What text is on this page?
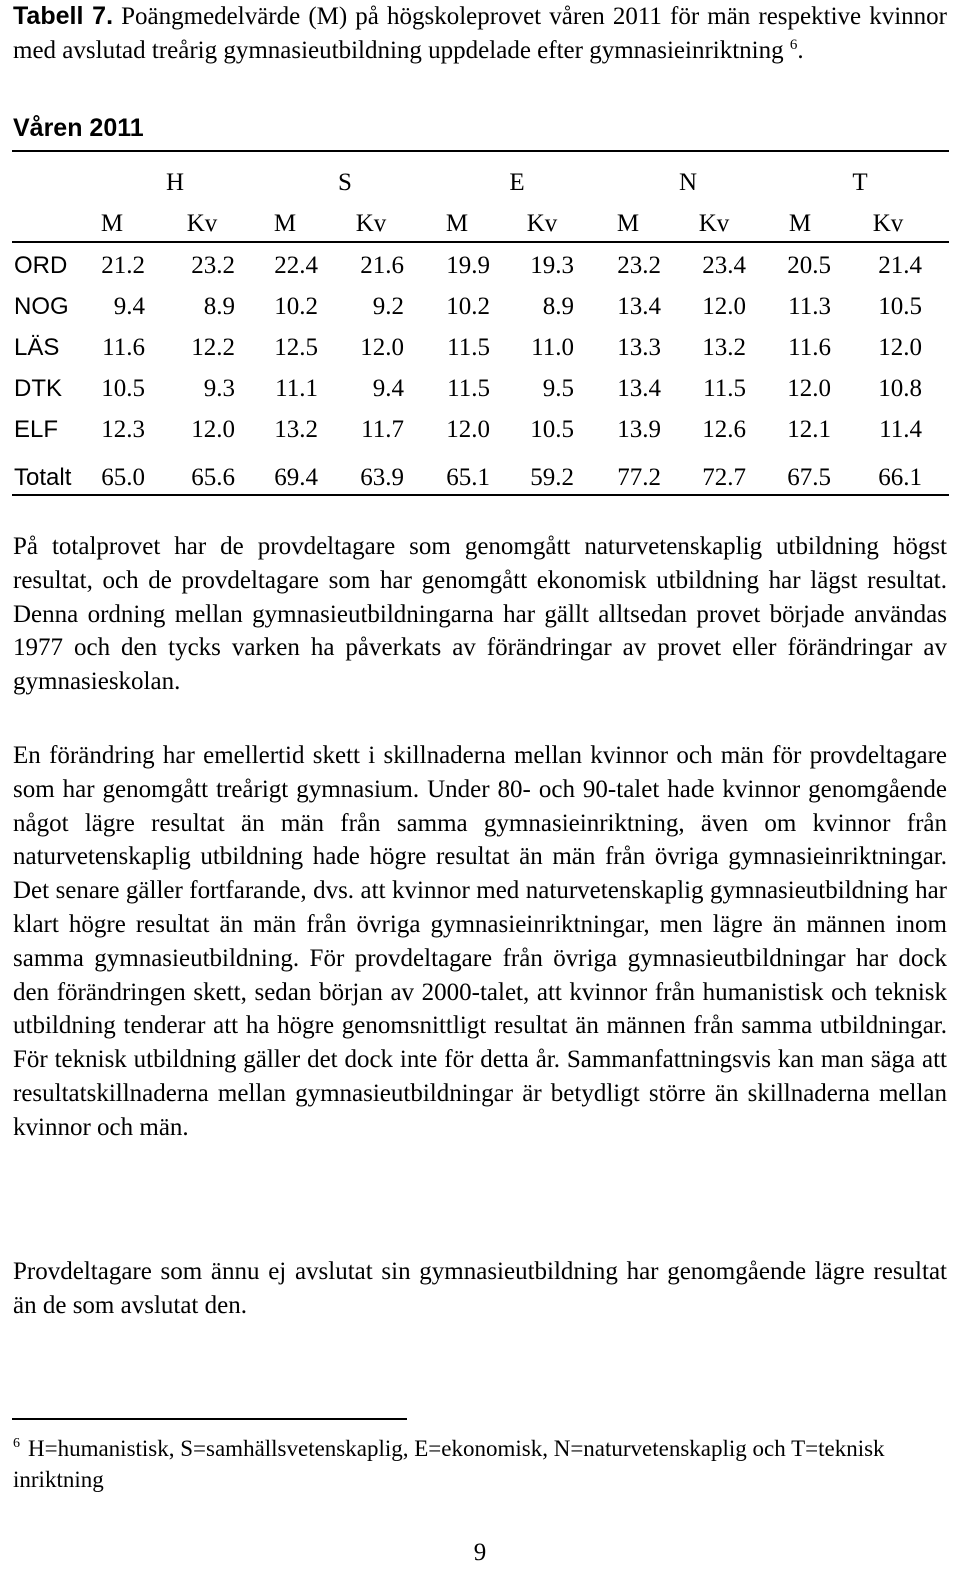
Tabell 7. Poängmedelvärde (M) på högskoleprovet våren 2011 för män respektive kvinnor med avslutad treårig gymnasieutbildning uppdelade efter gymnasieinriktning $^6$.
Våren 2011
H	S	E	N	T
M	Kv	M	Kv	M	Kv	M	Kv	M	Kv
ORD	21.2	23.2	22.4	21.6	19.9	19.3	23.2	23.4	20.5	21.4
NOG	9.4	8.9	10.2	9.2	10.2	8.9	13.4	12.0	11.3	10.5
LÄS	11.6	12.2	12.5	12.0	11.5	11.0	13.3	13.2	11.6	12.0
DTK	10.5	9.3	11.1	9.4	11.5	9.5	13.4	11.5	12.0	10.8
ELF	12.3	12.0	13.2	11.7	12.0	10.5	13.9	12.6	12.1	11.4
Totalt	65.0	65.6	69.4	63.9	65.1	59.2	77.2	72.7	67.5	66.1
På totalprovet har de provdeltagare som genomgått naturvetenskaplig utbildning högst resultat, och de provdeltagare som har genomgått ekonomisk utbildning har lägst resultat. Denna ordning mellan gymnasieutbildningarna har gällt alltsedan provet började användas 1977 och den tycks varken ha påverkats av förändringar av provet eller förändringar av gymnasieskolan.
En förändring har emellertid skett i skillnaderna mellan kvinnor och män för provdeltagare som har genomgått treårigt gymnasium. Under 80- och 90-talet hade kvinnor genomgående något lägre resultat än män från samma gymnasieinriktning, även om kvinnor från naturvetenskaplig utbildning hade högre resultat än män från övriga gymnasieinriktningar. Det senare gäller fortfarande, dvs. att kvinnor med naturvetenskaplig gymnasieutbildning har klart högre resultat än män från övriga gymnasieinriktningar, men lägre än männen inom samma gymnasieutbildning. För provdeltagare från övriga gymnasieutbildningar har dock den förändringen skett, sedan början av 2000-talet, att kvinnor från humanistisk och teknisk utbildning tenderar att ha högre genomsnittligt resultat än männen från samma utbildningar. För teknisk utbildning gäller det dock inte för detta år. Sammanfattningsvis kan man säga att resultatskillnaderna mellan gymnasieutbildningar är betydligt större än skillnaderna mellan kvinnor och män.
Provdeltagare som ännu ej avslutat sin gymnasieutbildning har genomgående lägre resultat än de som avslutat den.
$^6$ H=humanistisk, S=samhällsvetenskaplig, E=ekonomisk, N=naturvetenskaplig och T=teknisk inriktning
9
